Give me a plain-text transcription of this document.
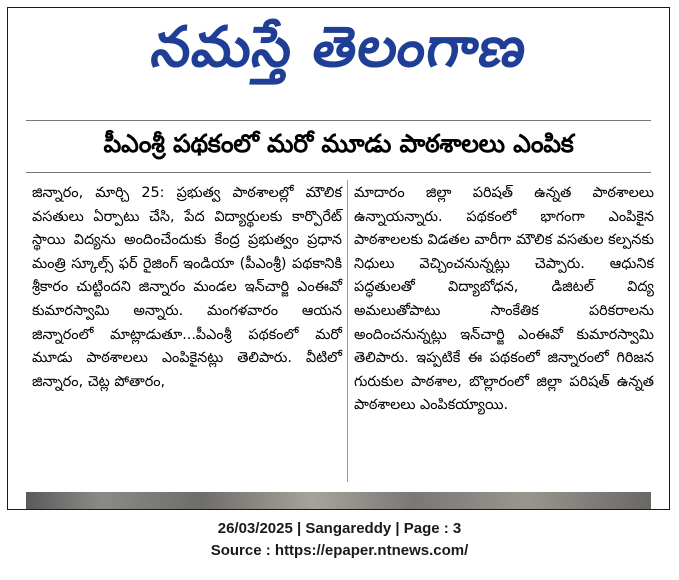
నమస్తే తెలంగాణ
పీఎంశ్రీ పథకంలో మరో మూడు పాఠశాలలు ఎంపిక
జిన్నారం, మార్చి 25: ప్రభుత్వ పాఠశాలల్లో మౌలిక వసతులు ఏర్పాటు చేసి, పేద విద్యార్థులకు కార్పొరేట్ స్థాయి విద్యను అందించేందుకు కేంద్ర ప్రభుత్వం ప్రధాన మంత్రి స్కూల్స్ ఫర్ రైజింగ్ ఇండియా (పీఎంశ్రీ) పథకానికి శ్రీకారం చుట్టిందని జిన్నారం మండల ఇన్‌చార్జి ఎంఈవో కుమారస్వామి అన్నారు. మంగళవారం ఆయన జిన్నారంలో మాట్లాడుతూ...పీఎంశ్రీ పథకంలో మరో మూడు పాఠశాలలు ఎంపికైనట్లు తెలిపారు. వీటిలో జిన్నారం, చెట్ల పోతారం,
మాదారం జిల్లా పరిషత్ ఉన్నత పాఠశాలలు ఉన్నాయన్నారు. పథకంలో భాగంగా ఎంపికైన పాఠశాలలకు విడతల వారీగా మౌలిక వసతుల కల్పనకు నిధులు వెచ్చించనున్నట్లు చెప్పారు. ఆధునిక పద్ధతులతో విద్యాబోధన, డిజిటల్ విద్య అమలుతోపాటు సాంకేతిక పరికరాలను అందించనున్నట్లు ఇన్‌చార్జి ఎంఈవో కుమారస్వామి తెలిపారు. ఇప్పటికే ఈ పథకంలో జిన్నారంలో గిరిజన గురుకుల పాఠశాల, బొల్లారంలో జిల్లా పరిషత్ ఉన్నత పాఠశాలలు ఎంపికయ్యాయి.
26/03/2025 | Sangareddy | Page : 3
Source : https://epaper.ntnews.com/
